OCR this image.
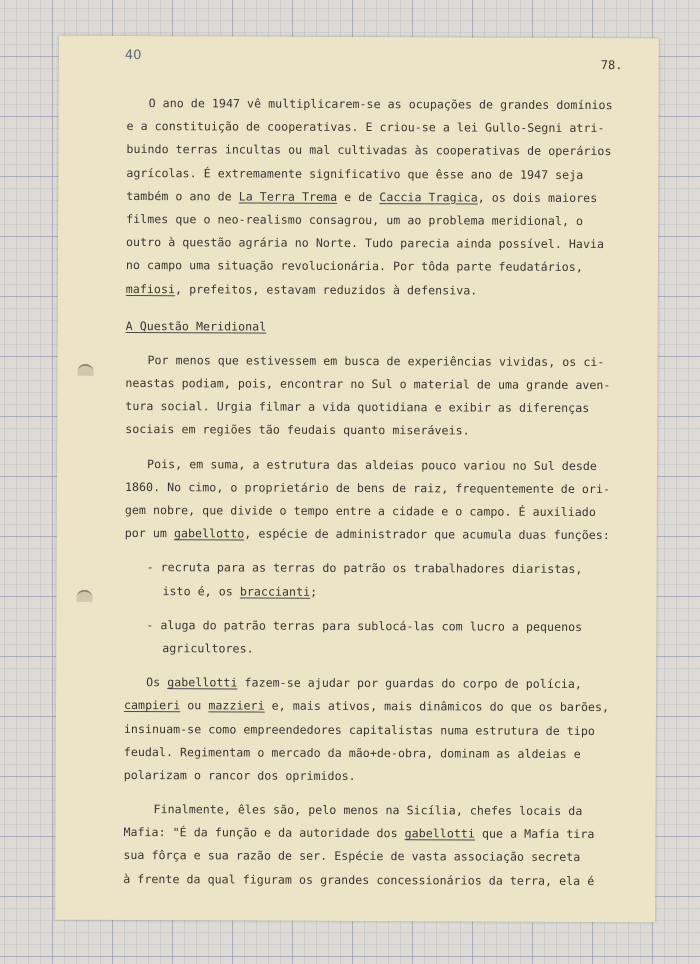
40
78.
O ano de 1947 vê multiplicarem-se as ocupações de grandes domínios
e a constituição de cooperativas. E criou-se a lei Gullo-Segni atri-
buindo terras incultas ou mal cultivadas às cooperativas de operários
agrícolas. É extremamente significativo que êsse ano de 1947 seja
também o ano de La Terra Trema e de Caccia Tragica, os dois maiores
filmes que o neo-realismo consagrou, um ao problema meridional, o
outro à questão agrária no Norte. Tudo parecia ainda possível. Havia
no campo uma situação revolucionária. Por tôda parte feudatários,
mafiosi, prefeitos, estavam reduzidos à defensiva.
A Questão Meridional
Por menos que estivessem em busca de experiências vividas, os ci-
neastas podiam, pois, encontrar no Sul o material de uma grande aven-
tura social. Urgia filmar a vida quotidiana e exibir as diferenças
sociais em regiões tão feudais quanto miseráveis.
Pois, em suma, a estrutura das aldeias pouco variou no Sul desde
1860. No cimo, o proprietário de bens de raiz, frequentemente de ori-
gem nobre, que divide o tempo entre a cidade e o campo. É auxiliado
por um gabellotto, espécie de administrador que acumula duas funções:
- recruta para as terras do patrão os trabalhadores diaristas,
isto é, os braccianti;
- aluga do patrão terras para sublocá-las com lucro a pequenos
agricultores.
Os gabellotti fazem-se ajudar por guardas do corpo de polícia,
campieri ou mazzieri e, mais ativos, mais dinâmicos do que os barões,
insinuam-se como empreendedores capitalistas numa estrutura de tipo
feudal. Regimentam o mercado da mão+de-obra, dominam as aldeias e
polarizam o rancor dos oprimidos.
Finalmente, êles são, pelo menos na Sicília, chefes locais da
Mafia: "É da função e da autoridade dos gabellotti que a Mafia tira
sua fôrça e sua razão de ser. Espécie de vasta associação secreta
à frente da qual figuram os grandes concessionários da terra, ela é
